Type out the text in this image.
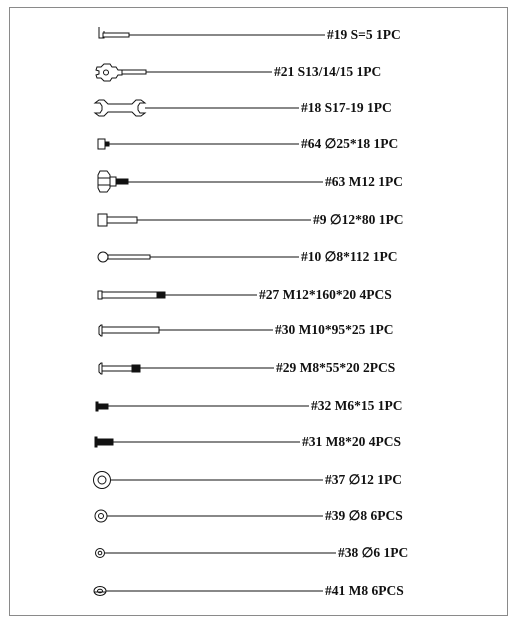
#19 S=5 1PC
#21 S13/14/15 1PC
#18 S17-19 1PC
#64 ∅25*18 1PC
#63 M12 1PC
#9 ∅12*80 1PC
#10 ∅8*112 1PC
#27 M12*160*20 4PCS
#30 M10*95*25 1PC
#29 M8*55*20 2PCS
#32 M6*15 1PC
#31 M8*20 4PCS
#37 ∅12 1PC
#39 ∅8 6PCS
#38 ∅6 1PC
#41 M8 6PCS
